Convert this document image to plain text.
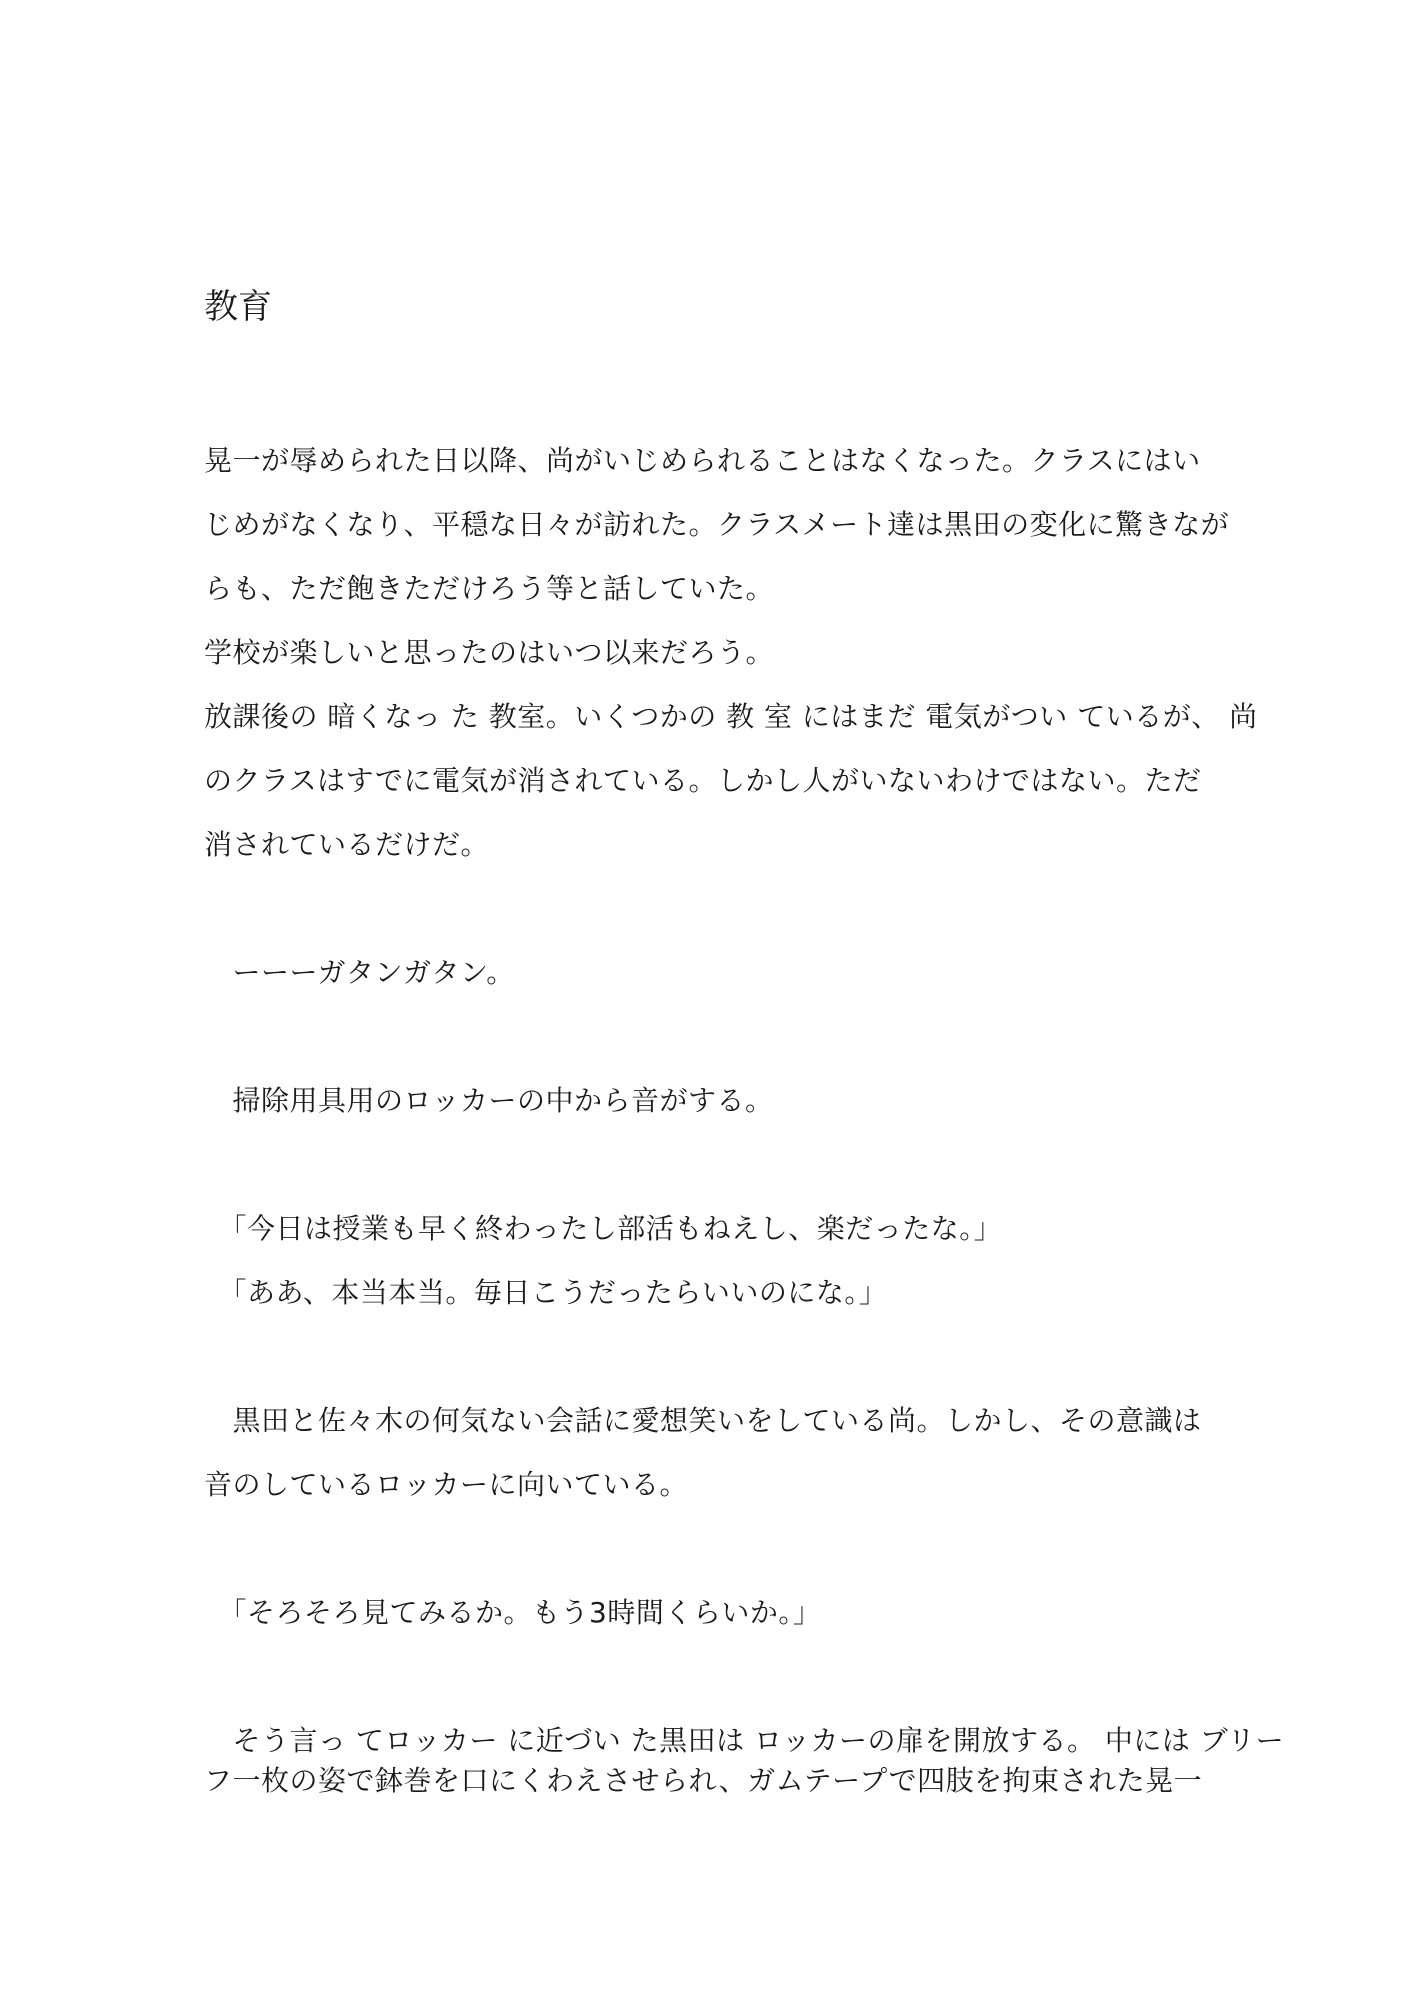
教育
晃一が辱められた日以降、尚がいじめられることはなくなった。クラスにはい
じめがなくなり、平穏な日々が訪れた。クラスメート達は黒田の変化に驚きなが
らも、ただ飽きただけろう等と話していた。
学校が楽しいと思ったのはいつ以来だろう。
放課後の 暗くなっ た 教室。いくつかの 教 室 にはまだ 電気がつい ているが、 尚
のクラスはすでに電気が消されている。しかし人がいないわけではない。ただ
消されているだけだ。
　ーーーガタンガタン。
　掃除用具用のロッカーの中から音がする。
　「今日は授業も早く終わったし部活もねえし、楽だったな。」
　「ああ、本当本当。毎日こうだったらいいのにな。」
　黒田と佐々木の何気ない会話に愛想笑いをしている尚。しかし、その意識は
音のしているロッカーに向いている。
　「そろそろ見てみるか。もう3時間くらいか。」
　そう言っ てロッカー に近づい た黒田は ロッカーの扉を開放する。 中には ブリー
フ一枚の姿で鉢巻を口にくわえさせられ、ガムテープで四肢を拘束された晃一
